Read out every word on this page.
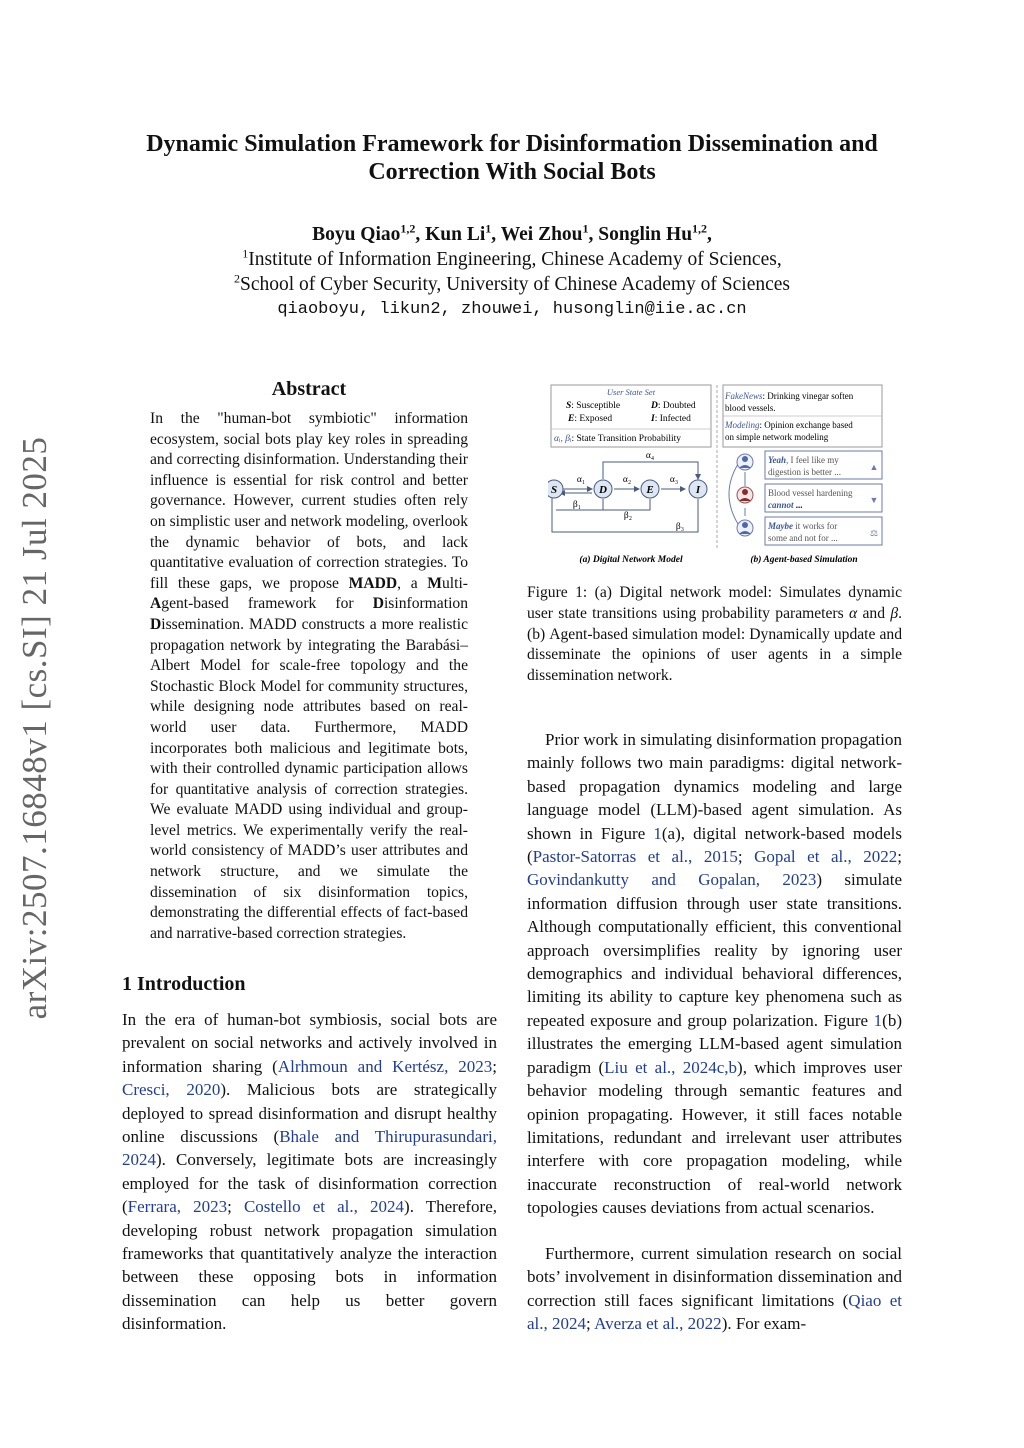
arXiv:2507.16848v1 [cs.SI] 21 Jul 2025
Dynamic Simulation Framework for Disinformation Dissemination and
Correction With Social Bots
Boyu Qiao$^{1,2}$, Kun Li$^1$, Wei Zhou$^1$, Songlin Hu$^{1,2}$,
$^1$Institute of Information Engineering, Chinese Academy of Sciences,
$^2$School of Cyber Security, University of Chinese Academy of Sciences
qiaoboyu, likun2, zhouwei, husonglin@iie.ac.cn
Abstract
In the "human-bot symbiotic" information ecosystem, social bots play key roles in spreading and correcting disinformation. Understanding their influence is essential for risk control and better governance. However, current studies often rely on simplistic user and network modeling, overlook the dynamic behavior of bots, and lack quantitative evaluation of correction strategies. To fill these gaps, we propose MADD, a Multi-Agent-based framework for Disinformation Dissemination. MADD constructs a more realistic propagation network by integrating the Barabási–Albert Model for scale-free topology and the Stochastic Block Model for community structures, while designing node attributes based on real-world user data. Furthermore, MADD incorporates both malicious and legitimate bots, with their controlled dynamic participation allows for quantitative analysis of correction strategies. We evaluate MADD using individual and group-level metrics. We experimentally verify the real-world consistency of MADD’s user attributes and network structure, and we simulate the dissemination of six disinformation topics, demonstrating the differential effects of fact-based and narrative-based correction strategies.
1 Introduction
In the era of human-bot symbiosis, social bots are prevalent on social networks and actively involved in information sharing (Alrhmoun and Kertész, 2023; Cresci, 2020). Malicious bots are strategically deployed to spread disinformation and disrupt healthy online discussions (Bhale and Thirupurasundari, 2024). Conversely, legitimate bots are increasingly employed for the task of disinformation correction (Ferrara, 2023; Costello et al., 2024). Therefore, developing robust network propagation simulation frameworks that quantitatively analyze the interaction between these opposing bots in information dissemination can help us better govern disinformation.
User State Set
S: Susceptible	D: Doubted
E: Exposed	I: Infected
αᵢ, βᵢ: State Transition Probability
S	D	E	I
α₄
α₁	α₂	α₃
β₁
β₂
β₃
FakeNews: Drinking vinegar soften
blood vessels.
Modeling: Opinion exchange based
on simple network modeling
Yeah, I feel like my
digestion is better ...	▲
Blood vessel hardening
cannot ...	▼
Maybe it works for
some and not for ...	⚖
(a) Digital Network Model	(b) Agent-based Simulation
Figure 1: (a) Digital network model: Simulates dynamic user state transitions using probability parameters α and β. (b) Agent-based simulation model: Dynamically update and disseminate the opinions of user agents in a simple dissemination network.

Prior work in simulating disinformation propagation mainly follows two main paradigms: digital network-based propagation dynamics modeling and large language model (LLM)-based agent simulation. As shown in Figure 1(a), digital network-based models (Pastor-Satorras et al., 2015; Gopal et al., 2022; Govindankutty and Gopalan, 2023) simulate information diffusion through user state transitions. Although computationally efficient, this conventional approach oversimplifies reality by ignoring user demographics and individual behavioral differences, limiting its ability to capture key phenomena such as repeated exposure and group polarization. Figure 1(b) illustrates the emerging LLM-based agent simulation paradigm (Liu et al., 2024c,b), which improves user behavior modeling through semantic features and opinion propagating. However, it still faces notable limitations, redundant and irrelevant user attributes interfere with core propagation modeling, while inaccurate reconstruction of real-world network topologies causes deviations from actual scenarios.

Furthermore, current simulation research on social bots’ involvement in disinformation dissemination and correction still faces significant limitations (Qiao et al., 2024; Averza et al., 2022). For exam-
